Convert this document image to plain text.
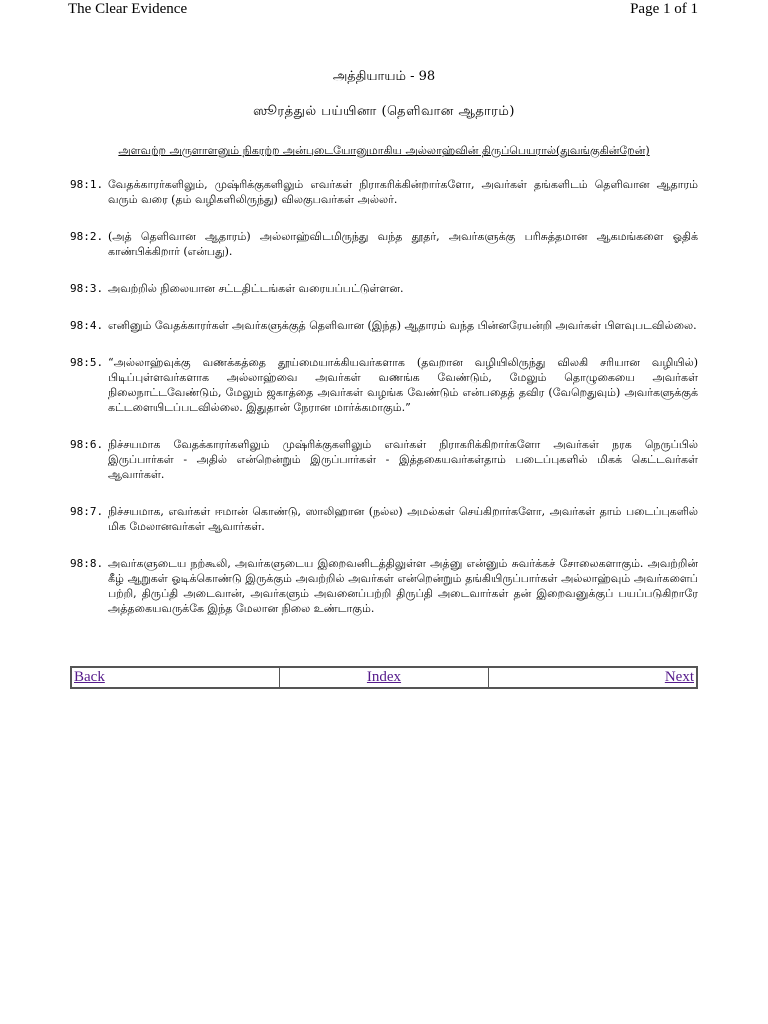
The Clear Evidence	Page 1 of 1
அத்தியாயம் - 98
ஸூரத்துல் பய்யினா (தெளிவான ஆதாரம்)
அளவற்ற அருளாளனும் நிகரற்ற அன்புடையோனுமாகிய அல்லாஹ்வின் திருப்பெயரால்(துவங்குகின்றேன்)
98:1. வேதக்காரர்களிலும், முஷ்ரிக்குகளிலும் எவர்கள் நிராகரிக்கின்றார்களோ, அவர்கள் தங்களிடம் தெளிவான ஆதாரம் வரும் வரை (தம் வழிகளிலிருந்து) விலகுபவர்கள் அல்லர்.
98:2. (அத் தெளிவான ஆதாரம்) அல்லாஹ்விடமிருந்து வந்த தூதர், அவர்களுக்கு பரிசுத்தமான ஆகமங்களை ஓதிக் காண்பிக்கிறார் (என்பது).
98:3. அவற்றில் நிலையான சட்டதிட்டங்கள் வரையப்பட்டுள்ளன.
98:4. எனினும் வேதக்காரர்கள் அவர்களுக்குத் தெளிவான (இந்த) ஆதாரம் வந்த பின்னரேயன்றி அவர்கள் பிளவுபடவில்லை.
98:5. “அல்லாஹ்வுக்கு வணக்கத்தை தூய்மையாக்கியவர்களாக (தவறான வழியிலிருந்து விலகி சரியான வழியில்) பிடிப்புள்ளவர்களாக அல்லாஹ்வை அவர்கள் வணங்க வேண்டும், மேலும் தொழுகையை அவர்கள் நிலைநாட்டவேண்டும், மேலும் ஜகாத்தை அவர்கள் வழங்க வேண்டும் என்பதைத் தவிர (வேறெதுவும்) அவர்களுக்குக் கட்டளையிடப்படவில்லை. இதுதான் நேரான மார்க்கமாகும்.”
98:6. நிச்சயமாக வேதக்காரர்களிலும் முஷ்ரிக்குகளிலும் எவர்கள் நிராகரிக்கிறார்களோ அவர்கள் நரக நெருப்பில் இருப்பார்கள் - அதில் என்றென்றும் இருப்பார்கள் - இத்தகையவர்கள்தாம் படைப்புகளில் மிகக் கெட்டவர்கள் ஆவார்கள்.
98:7. நிச்சயமாக, எவர்கள் ஈமான் கொண்டு, ஸாலிஹான (நல்ல) அமல்கள் செய்கிறார்களோ, அவர்கள் தாம் படைப்புகளில் மிக மேலானவர்கள் ஆவார்கள்.
98:8. அவர்களுடைய நற்கூலி, அவர்களுடைய இறைவனிடத்திலுள்ள அத்னு என்னும் சுவர்க்கச் சோலைகளாகும். அவற்றின் கீழ் ஆறுகள் ஓடிக்கொண்டு இருக்கும் அவற்றில் அவர்கள் என்றென்றும் தங்கியிருப்பார்கள் அல்லாஹ்வும் அவர்களைப் பற்றி, திருப்தி அடைவான், அவர்களும் அவனைப்பற்றி திருப்தி அடைவார்கள் தன் இறைவனுக்குப் பயப்படுகிறாரே அத்தகையவருக்கே இந்த மேலான நிலை உண்டாகும்.
Back	Index	Next
